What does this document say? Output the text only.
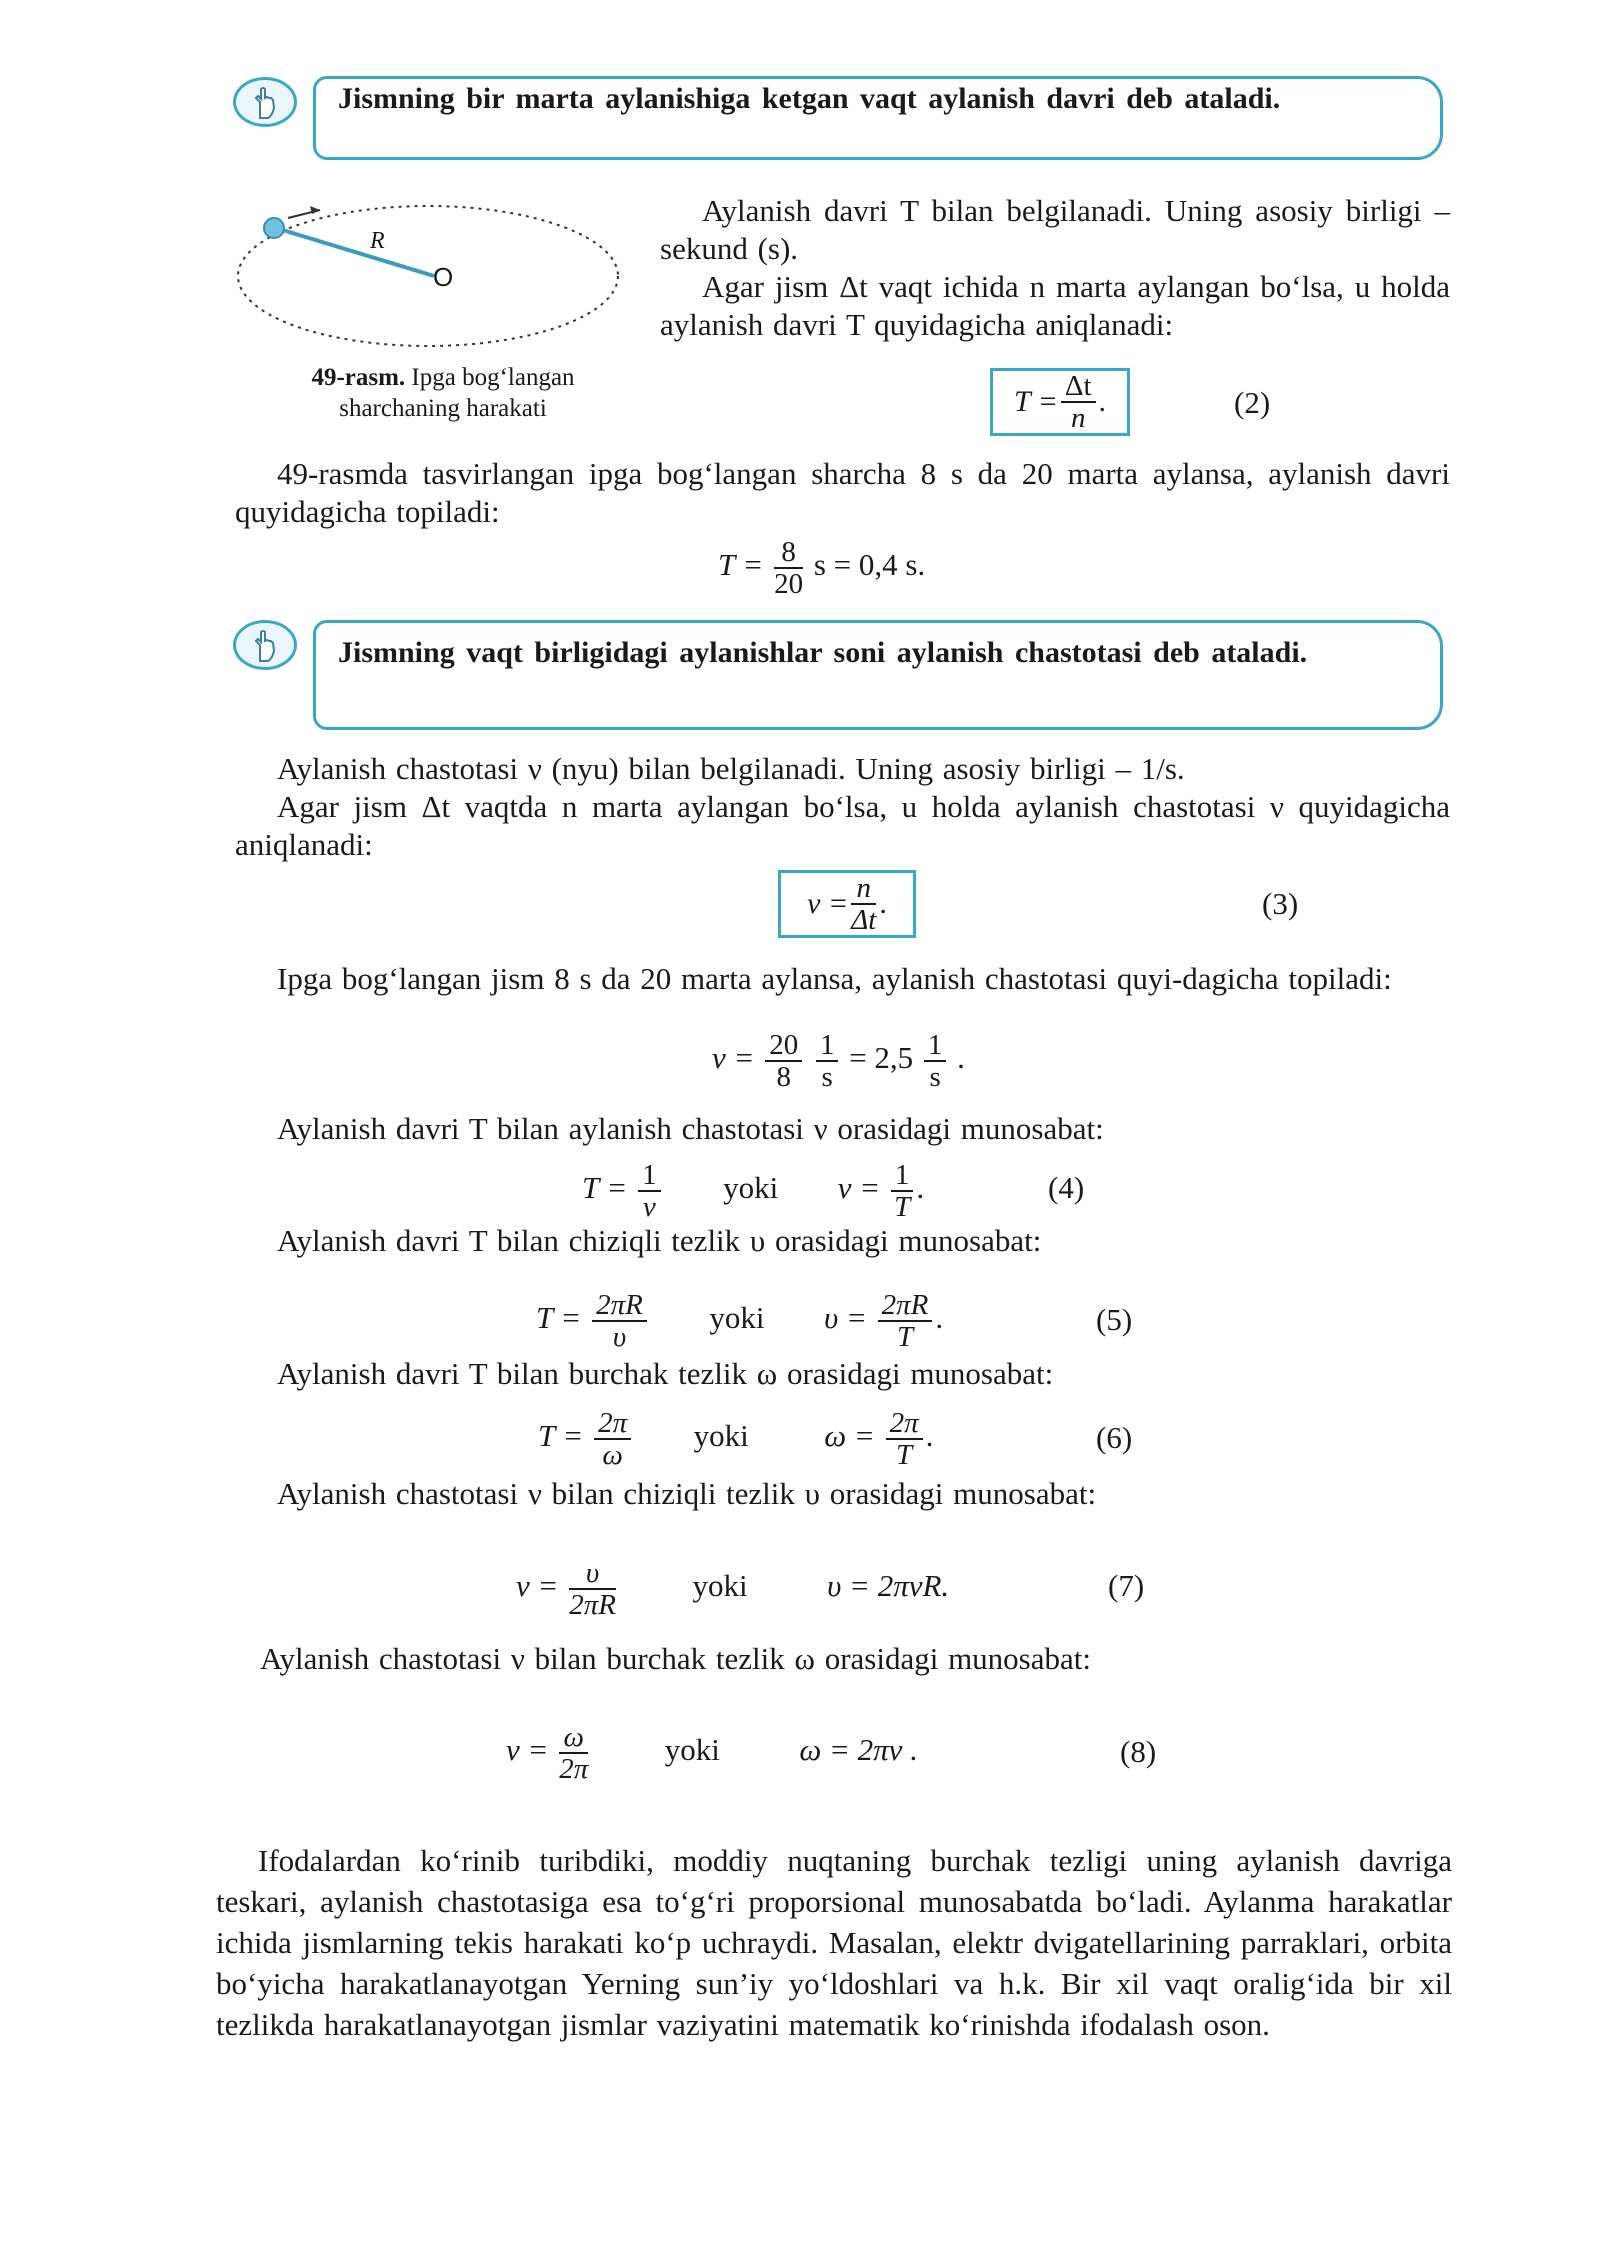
Jismning bir marta aylanishiga ketgan vaqt aylanish davri deb ataladi.
R
O
49-rasm. Ipga bog‘langan sharchaning harakati
Aylanish davri T bilan belgilanadi. Uning asosiy birligi – sekund (s).
Agar jism Δt vaqt ichida n marta aylangan bo‘lsa, u holda aylanish davri T quyidagicha aniqlanadi:
$T = \frac{\Delta t}{n}$ .	(2)
49-rasmda tasvirlangan ipga bog‘langan sharcha 8 s da 20 marta aylansa, aylanish davri quyidagicha topiladi:
$T = \frac{8}{20}$ s = 0,4 s.
Jismning vaqt birligidagi aylanishlar soni aylanish chastotasi deb ataladi.
Aylanish chastotasi ν (nyu) bilan belgilanadi. Uning asosiy birligi – 1/s.
Agar jism Δt vaqtda n marta aylangan bo‘lsa, u holda aylanish chastotasi ν quyidagicha aniqlanadi:
$\nu = \frac{n}{\Delta t}$ .	(3)
Ipga bog‘langan jism 8 s da 20 marta aylansa, aylanish chastotasi quyi-dagicha topiladi:
$\nu = \frac{20}{8}$
$\frac{1}{s} = 2,5 \frac{1}{s}$ .
Aylanish davri T bilan aylanish chastotasi ν orasidagi munosabat:
$T = \frac{1}{\nu}$ yoki $\nu = \frac{1}{T}$ .	(4)
Aylanish davri T bilan chiziqli tezlik υ orasidagi munosabat:
$T = \frac{2\pi R}{\upsilon}$ yoki $\upsilon = \frac{2\pi R}{T}$ .	(5)
Aylanish davri T bilan burchak tezlik ω orasidagi munosabat:
$T = \frac{2\pi}{\omega}$ yoki $\omega = \frac{2\pi}{T}$ .	(6)
Aylanish chastotasi ν bilan chiziqli tezlik υ orasidagi munosabat:
$\nu = \frac{\upsilon}{2\pi R}$ yoki	υ = 2πνR.	(7)
Aylanish chastotasi ν bilan burchak tezlik ω orasidagi munosabat:
$\nu = \frac{\omega}{2\pi}$ yoki	ω = 2πν .	(8)
Ifodalardan ko‘rinib turibdiki, moddiy nuqtaning burchak tezligi uning aylanish davriga teskari, aylanish chastotasiga esa to‘g‘ri proporsional munosabatda bo‘ladi. Aylanma harakatlar ichida jismlarning tekis harakati ko‘p uchraydi. Masalan, elektr dvigatellarining parraklari, orbita bo‘yicha harakatlanayotgan Yerning sun’iy yo‘ldoshlari va h.k. Bir xil vaqt oralig‘ida bir xil tezlikda harakatlanayotgan jismlar vaziyatini matematik ko‘rinishda ifodalash oson.
